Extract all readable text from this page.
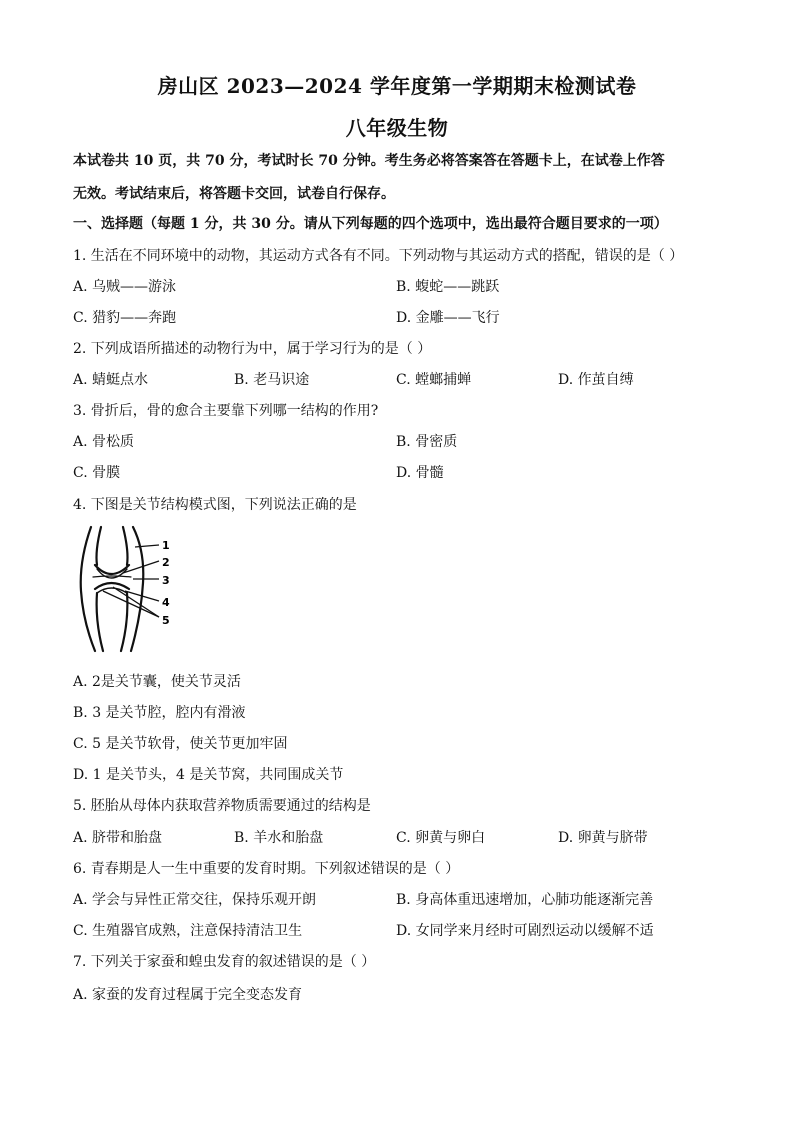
房山区 2023—2024 学年度第一学期期末检测试卷
八年级生物
本试卷共 10 页，共 70 分，考试时长 70 分钟。考生务必将答案答在答题卡上，在试卷上作答
无效。考试结束后，将答题卡交回，试卷自行保存。
一、选择题（每题 1 分，共 30 分。请从下列每题的四个选项中，选出最符合题目要求的一项）
1. 生活在不同环境中的动物，其运动方式各有不同。下列动物与其运动方式的搭配，错误的是（ ）
A. 乌贼——游泳	B. 蝮蛇——跳跃
C. 猎豹——奔跑	D. 金雕——飞行
2. 下列成语所描述的动物行为中，属于学习行为的是（ ）
A. 蜻蜓点水	B. 老马识途	C. 螳螂捕蝉	D. 作茧自缚
3. 骨折后，骨的愈合主要靠下列哪一结构的作用?
A. 骨松质	B. 骨密质
C. 骨膜	D. 骨髓
4. 下图是关节结构模式图，下列说法正确的是
1
2
3
4
5
A. 2是关节囊，使关节灵活
B. 3 是关节腔，腔内有滑液
C. 5 是关节软骨，使关节更加牢固
D. 1 是关节头，4 是关节窝，共同围成关节
5. 胚胎从母体内获取营养物质需要通过的结构是
A. 脐带和胎盘	B. 羊水和胎盘	C. 卵黄与卵白	D. 卵黄与脐带
6. 青春期是人一生中重要的发育时期。下列叙述错误的是（ ）
A. 学会与异性正常交往，保持乐观开朗	B. 身高体重迅速增加，心肺功能逐渐完善
C. 生殖器官成熟，注意保持清洁卫生	D. 女同学来月经时可剧烈运动以缓解不适
7. 下列关于家蚕和蝗虫发育的叙述错误的是（ ）
A. 家蚕的发育过程属于完全变态发育
